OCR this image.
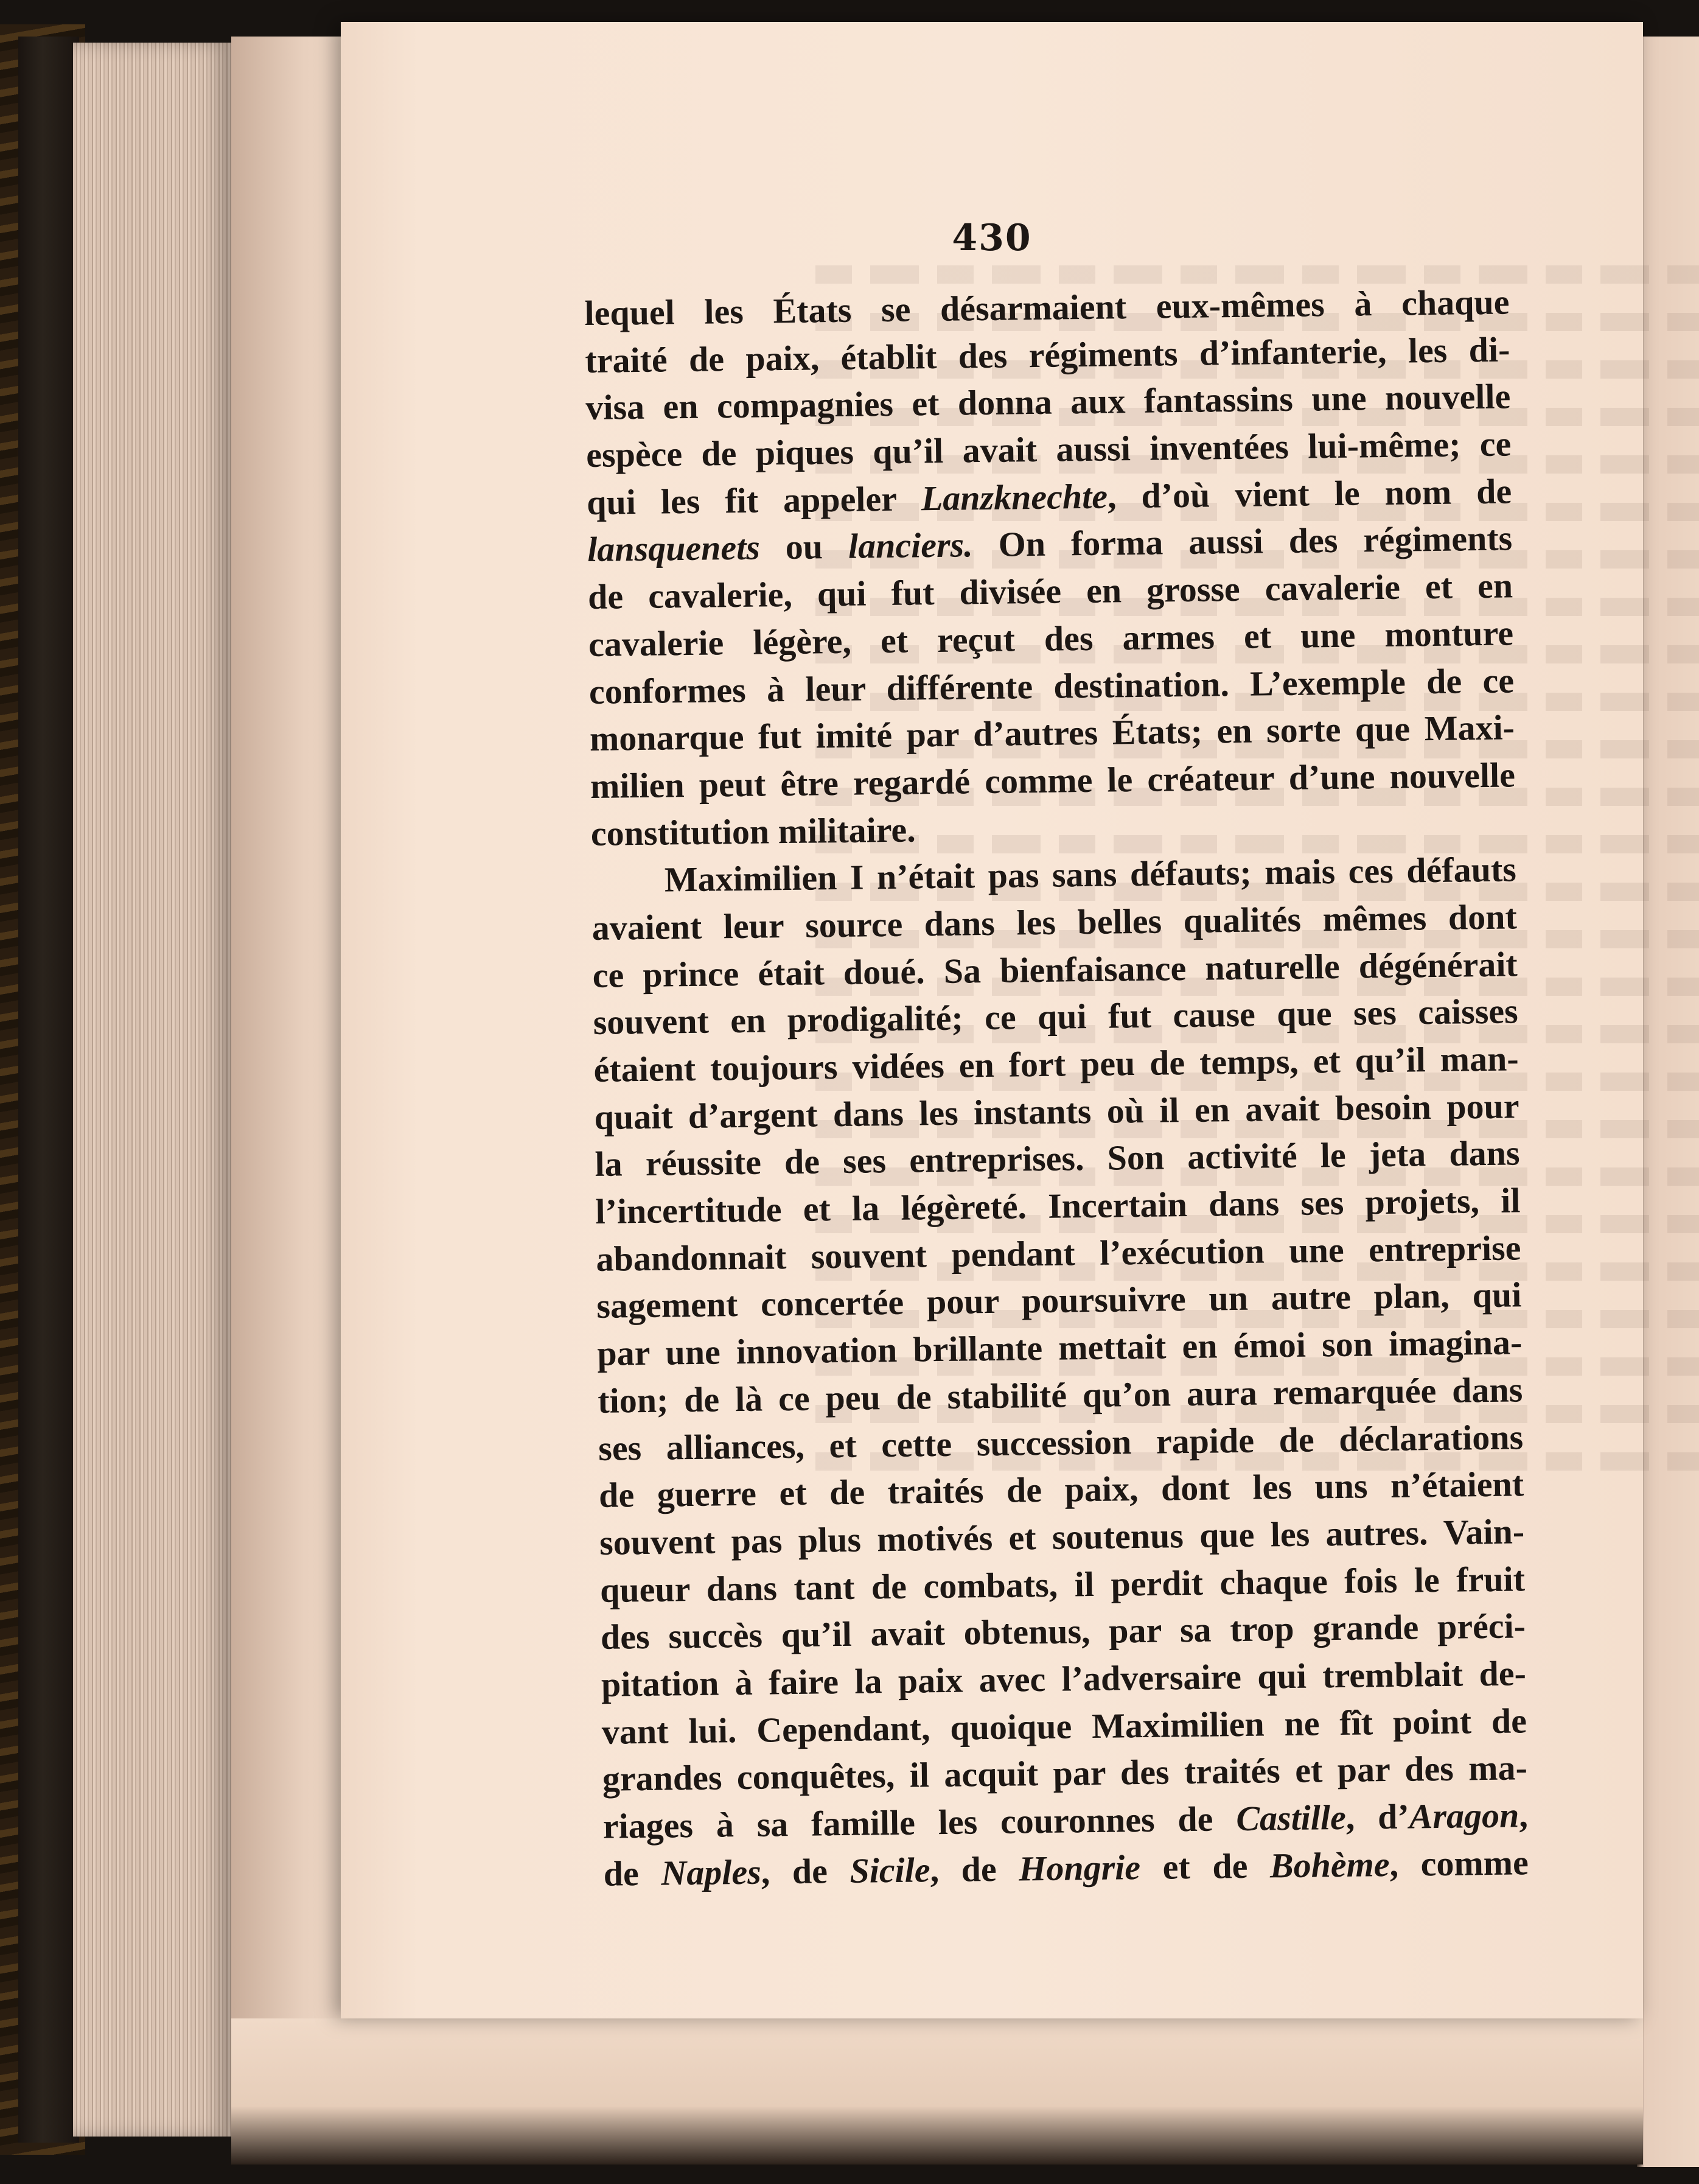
430
lequel les États se désarmaient eux-mêmes à chaque
traité de paix, établit des régiments d’infanterie, les di-
visa en compagnies et donna aux fantassins une nouvelle
espèce de piques qu’il avait aussi inventées lui-même; ce
qui les fit appeler Lanzknechte, d’où vient le nom de
lansquenets ou lanciers. On forma aussi des régiments
de cavalerie, qui fut divisée en grosse cavalerie et en
cavalerie légère, et reçut des armes et une monture
conformes à leur différente destination. L’exemple de ce
monarque fut imité par d’autres États; en sorte que Maxi-
milien peut être regardé comme le créateur d’une nouvelle
constitution militaire.
Maximilien I n’était pas sans défauts; mais ces défauts
avaient leur source dans les belles qualités mêmes dont
ce prince était doué. Sa bienfaisance naturelle dégénérait
souvent en prodigalité; ce qui fut cause que ses caisses
étaient toujours vidées en fort peu de temps, et qu’il man-
quait d’argent dans les instants où il en avait besoin pour
la réussite de ses entreprises. Son activité le jeta dans
l’incertitude et la légèreté. Incertain dans ses projets, il
abandonnait souvent pendant l’exécution une entreprise
sagement concertée pour poursuivre un autre plan, qui
par une innovation brillante mettait en émoi son imagina-
tion; de là ce peu de stabilité qu’on aura remarquée dans
ses alliances, et cette succession rapide de déclarations
de guerre et de traités de paix, dont les uns n’étaient
souvent pas plus motivés et soutenus que les autres. Vain-
queur dans tant de combats, il perdit chaque fois le fruit
des succès qu’il avait obtenus, par sa trop grande préci-
pitation à faire la paix avec l’adversaire qui tremblait de-
vant lui. Cependant, quoique Maximilien ne fît point de
grandes conquêtes, il acquit par des traités et par des ma-
riages à sa famille les couronnes de Castille, d’Aragon,
de Naples, de Sicile, de Hongrie et de Bohème, comme
